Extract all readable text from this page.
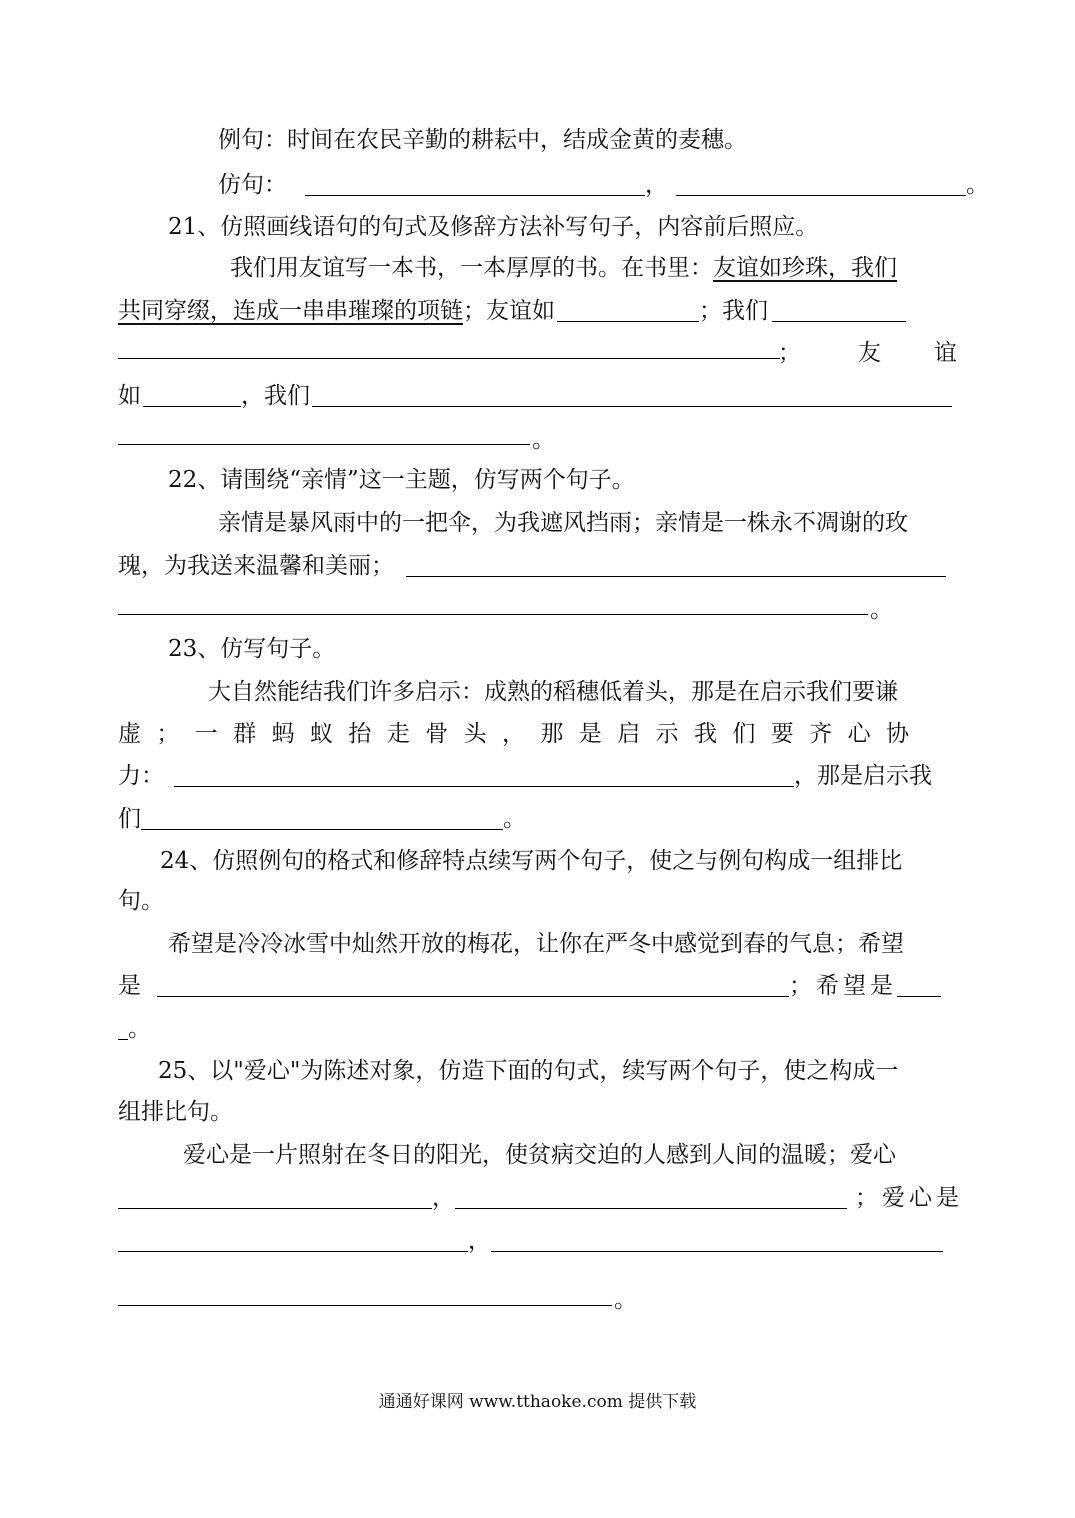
例句：时间在农民辛勤的耕耘中，结成金黄的麦穗。
仿句：	，	。
21、仿照画线语句的句式及修辞方法补写句子，内容前后照应。
我们用友谊写一本书，一本厚厚的书。在书里：友谊如珍珠，我们
共同穿缀，连成一串串璀璨的项链；友谊如	；我们
； 友 谊
如	，我们
。
22、请围绕“亲情”这一主题，仿写两个句子。
亲情是暴风雨中的一把伞，为我遮风挡雨；亲情是一株永不凋谢的玫
瑰，为我送来温馨和美丽；
。
23、仿写句子。
大自然能结我们许多启示：成熟的稻穗低着头，那是在启示我们要谦
虚；一群蚂蚁抬走骨头，那是启示我们要齐心协
力：	，那是启示我
们	。
24、仿照例句的格式和修辞特点续写两个句子，使之与例句构成一组排比
句。
希望是冷冷冰雪中灿然开放的梅花，让你在严冬中感觉到春的气息；希望
是	；希望是
。
25、以"爱心"为陈述对象，仿造下面的句式，续写两个句子，使之构成一
组排比句。
爱心是一片照射在冬日的阳光，使贫病交迫的人感到人间的温暖；爱心
，	；爱心是
，
。
通通好课网 www.tthaoke.com 提供下载
